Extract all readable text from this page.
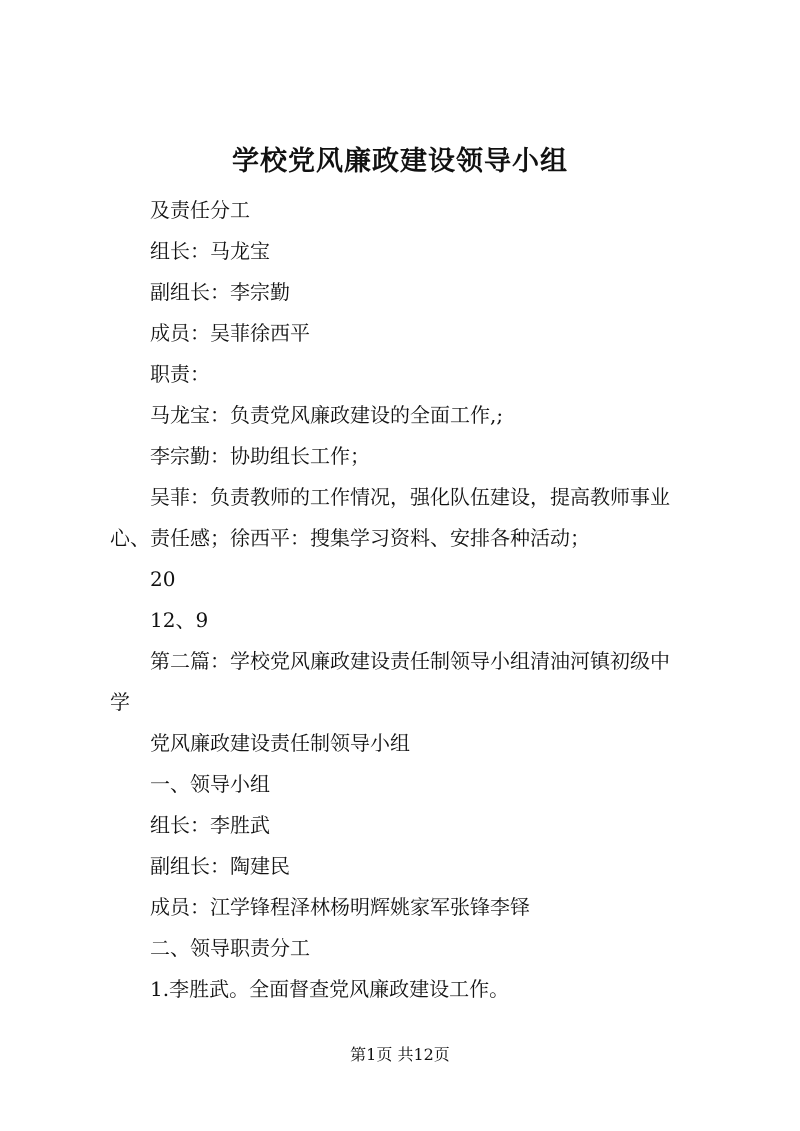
学校党风廉政建设领导小组

及责任分工

组长：马龙宝

副组长：李宗勤

成员：吴菲徐西平

职责：

马龙宝：负责党风廉政建设的全面工作,;

李宗勤：协助组长工作；

吴菲：负责教师的工作情况，强化队伍建设，提高教师事业

心、责任感；徐西平：搜集学习资料、安排各种活动；

20

12、9

第二篇：学校党风廉政建设责任制领导小组清油河镇初级中

学

党风廉政建设责任制领导小组

一、领导小组

组长：李胜武

副组长：陶建民

成员：江学锋程泽林杨明辉姚家军张锋李铎

二、领导职责分工

1.李胜武。全面督查党风廉政建设工作。

第1页 共12页
